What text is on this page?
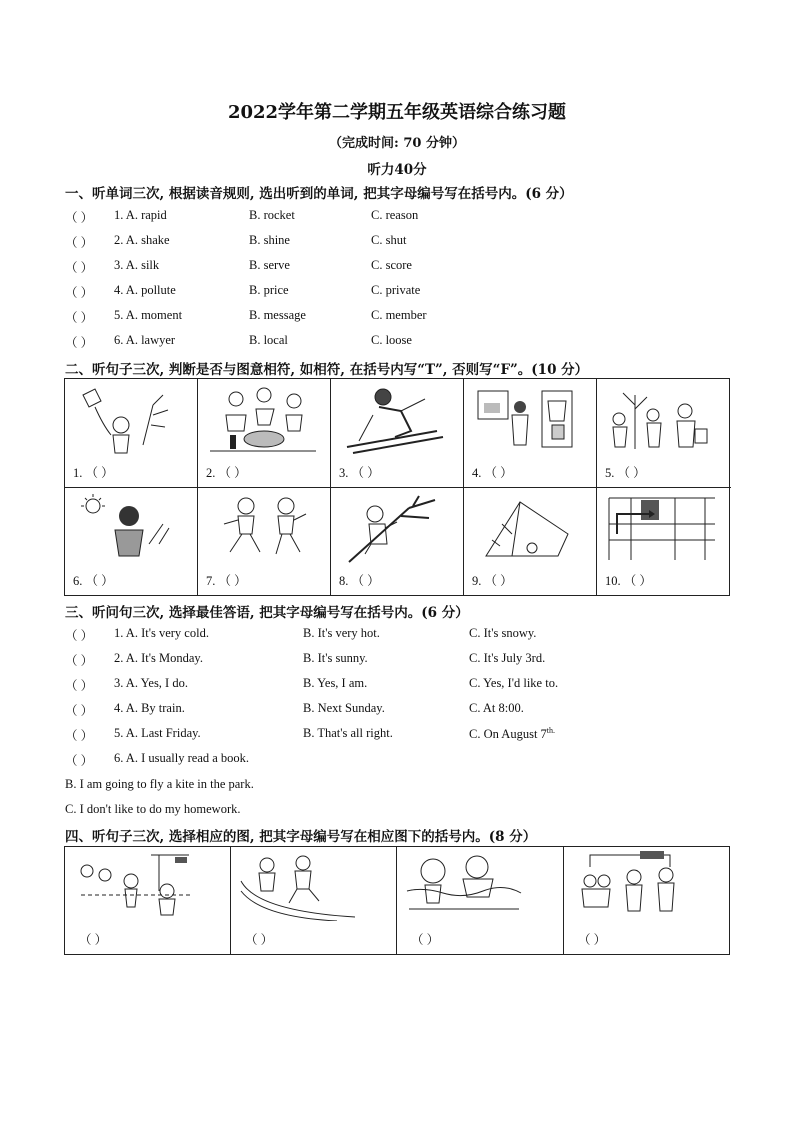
2022学年第二学期五年级英语综合练习题
（完成时间: 70 分钟）
听力40分
一、听单词三次, 根据读音规则, 选出听到的单词, 把其字母编号写在括号内。(6 分）
（ ） 1. A. rapid	B. rocket	C. reason
（ ） 2. A. shake	B. shine	C. shut
（ ） 3. A. silk	B. serve	C. score
（ ） 4. A. pollute	B. price	C. private
（ ） 5. A. moment	B. message	C. member
（ ） 6. A. lawyer	B. local	C. loose
二、听句子三次, 判断是否与图意相符, 如相符, 在括号内写“T”, 否则写“F”。(10 分）
1. （ ）	2. （ ）	3. （ ）	4. （ ）	5. （ ）
6. （ ）	7. （ ）	8. （ ）	9. （ ）	10. （ ）
三、听问句三次, 选择最佳答语, 把其字母编号写在括号内。(6 分）
（ ） 1. A. It's very cold.	B. It's very hot.	C. It's snowy.
（ ） 2. A. It's Monday.	B. It's sunny.	C. It's July 3rd.
（ ） 3. A. Yes, I do.	B. Yes, I am.	C. Yes, I'd like to.
（ ） 4. A. By train.	B. Next Sunday.	C. At 8:00.
（ ） 5. A. Last Friday.	B. That's all right.	C. On August $7^{th.}$
（ ） 6. A. I usually read a book.
B. I am going to fly a kite in the park.
C. I don't like to do my homework.
四、听句子三次, 选择相应的图, 把其字母编号写在相应图下的括号内。(8 分）
（ ）	（ ）	（ ）	（ ）
